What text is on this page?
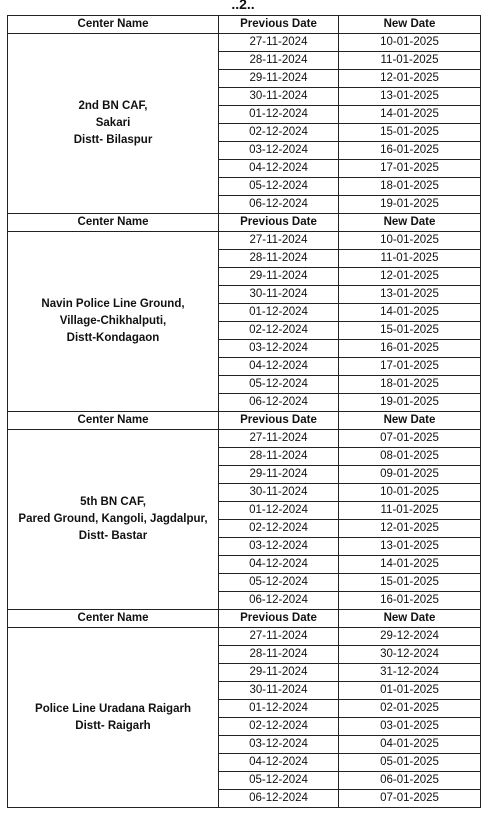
..2..
Center Name	Previous Date	New Date

2nd BN CAF,
Sakari
Distt- Bilaspur	27-11-2024	10-01-2025
	28-11-2024	11-01-2025
	29-11-2024	12-01-2025
	30-11-2024	13-01-2025
	01-12-2024	14-01-2025
	02-12-2024	15-01-2025
	03-12-2024	16-01-2025
	04-12-2024	17-01-2025
	05-12-2024	18-01-2025
	06-12-2024	19-01-2025
Center Name	Previous Date	New Date

Navin Police Line Ground,
Village-Chikhalputi,
Distt-Kondagaon	27-11-2024	10-01-2025
	28-11-2024	11-01-2025
	29-11-2024	12-01-2025
	30-11-2024	13-01-2025
	01-12-2024	14-01-2025
	02-12-2024	15-01-2025
	03-12-2024	16-01-2025
	04-12-2024	17-01-2025
	05-12-2024	18-01-2025
	06-12-2024	19-01-2025
Center Name	Previous Date	New Date

5th BN CAF,
Pared Ground, Kangoli, Jagdalpur,
Distt- Bastar	27-11-2024	07-01-2025
	28-11-2024	08-01-2025
	29-11-2024	09-01-2025
	30-11-2024	10-01-2025
	01-12-2024	11-01-2025
	02-12-2024	12-01-2025
	03-12-2024	13-01-2025
	04-12-2024	14-01-2025
	05-12-2024	15-01-2025
	06-12-2024	16-01-2025
Center Name	Previous Date	New Date

Police Line Uradana Raigarh
Distt- Raigarh	27-11-2024	29-12-2024
	28-11-2024	30-12-2024
	29-11-2024	31-12-2024
	30-11-2024	01-01-2025
	01-12-2024	02-01-2025
	02-12-2024	03-01-2025
	03-12-2024	04-01-2025
	04-12-2024	05-01-2025
	05-12-2024	06-01-2025
	06-12-2024	07-01-2025
